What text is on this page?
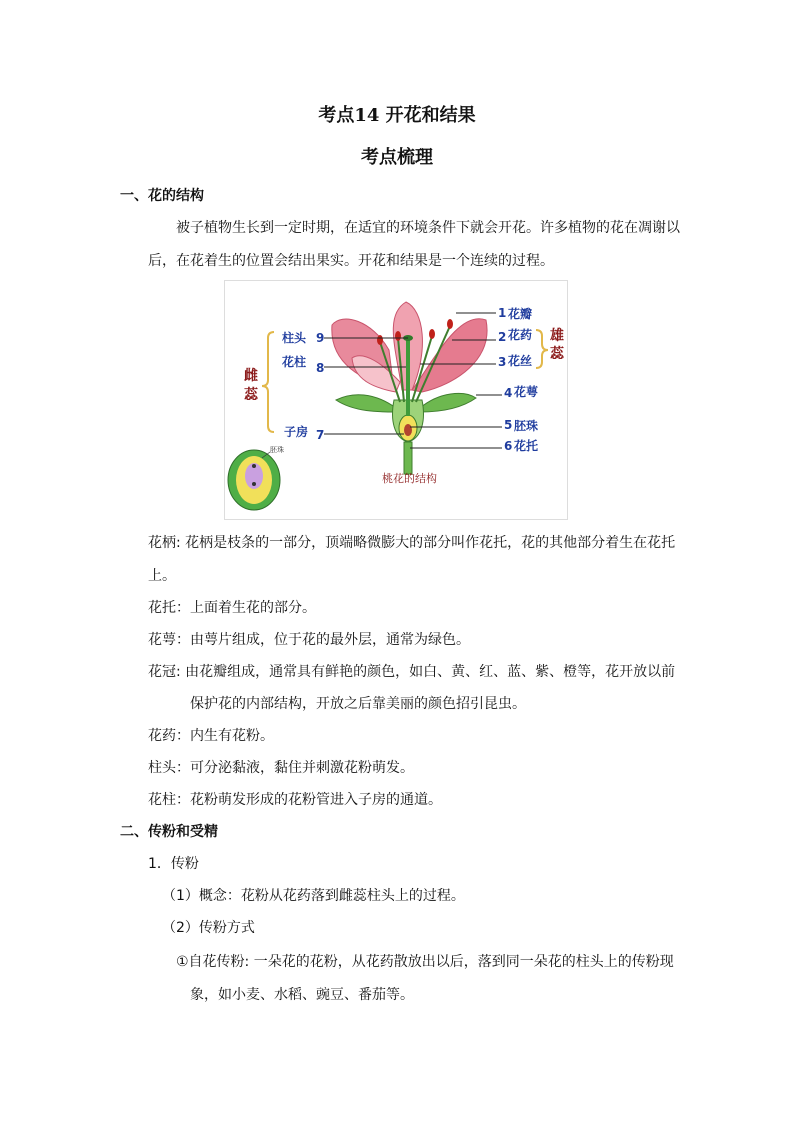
考点14 开花和结果
考点梳理
一、花的结构
被子植物生长到一定时期，在适宜的环境条件下就会开花。许多植物的花在凋谢以
后，在花着生的位置会结出果实。开花和结果是一个连续的过程。
柱头 9
花柱 8
子房 7
雌
蕊
1 花瓣
2 花药
3 花丝
4 花萼
5 胚珠
6 花托
雄
蕊
桃花的结构
胚珠
花柄: 花柄是枝条的一部分，顶端略微膨大的部分叫作花托，花的其他部分着生在花托
上。
花托：上面着生花的部分。
花萼：由萼片组成，位于花的最外层，通常为绿色。
花冠: 由花瓣组成，通常具有鲜艳的颜色，如白、黄、红、蓝、紫、橙等，花开放以前
保护花的内部结构，开放之后靠美丽的颜色招引昆虫。
花药：内生有花粉。
柱头：可分泌黏液，黏住并刺激花粉萌发。
花柱：花粉萌发形成的花粉管进入子房的通道。
二、传粉和受精
1．传粉
（1）概念：花粉从花药落到雌蕊柱头上的过程。
（2）传粉方式
①自花传粉: 一朵花的花粉，从花药散放出以后，落到同一朵花的柱头上的传粉现
象，如小麦、水稻、豌豆、番茄等。
